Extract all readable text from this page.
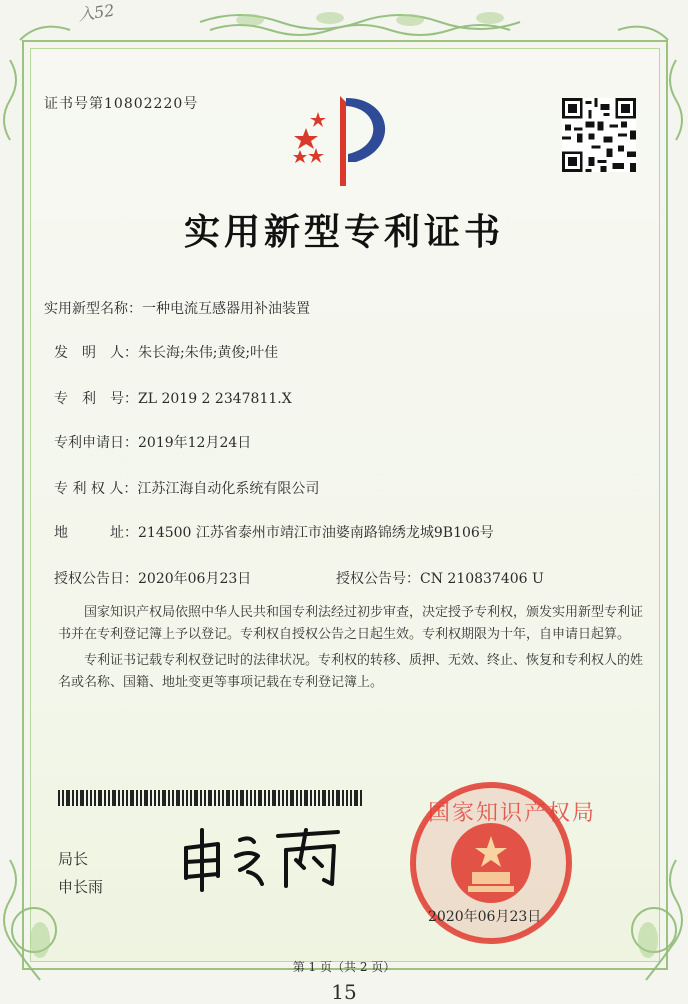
入52
证书号第10802220号
实用新型专利证书
实用新型名称：一种电流互感器用补油装置
发　明　人：朱长海;朱伟;黄俊;叶佳
专　利　号：ZL 2019 2 2347811.X
专利申请日：2019年12月24日
专 利 权 人：江苏江海自动化系统有限公司
地　　　址：214500 江苏省泰州市靖江市油婆南路锦绣龙城9B106号
授权公告日：2020年06月23日	授权公告号：CN 210837406 U

国家知识产权局依照中华人民共和国专利法经过初步审查，决定授予专利权，颁发实用新型专利证书并在专利登记簿上予以登记。专利权自授权公告之日起生效。专利权期限为十年，自申请日起算。

专利证书记载专利权登记时的法律状况。专利权的转移、质押、无效、终止、恢复和专利权人的姓名或名称、国籍、地址变更等事项记载在专利登记簿上。

局长
申长雨
国家知识产权局
2020年06月23日
第 1 页（共 2 页）
15
